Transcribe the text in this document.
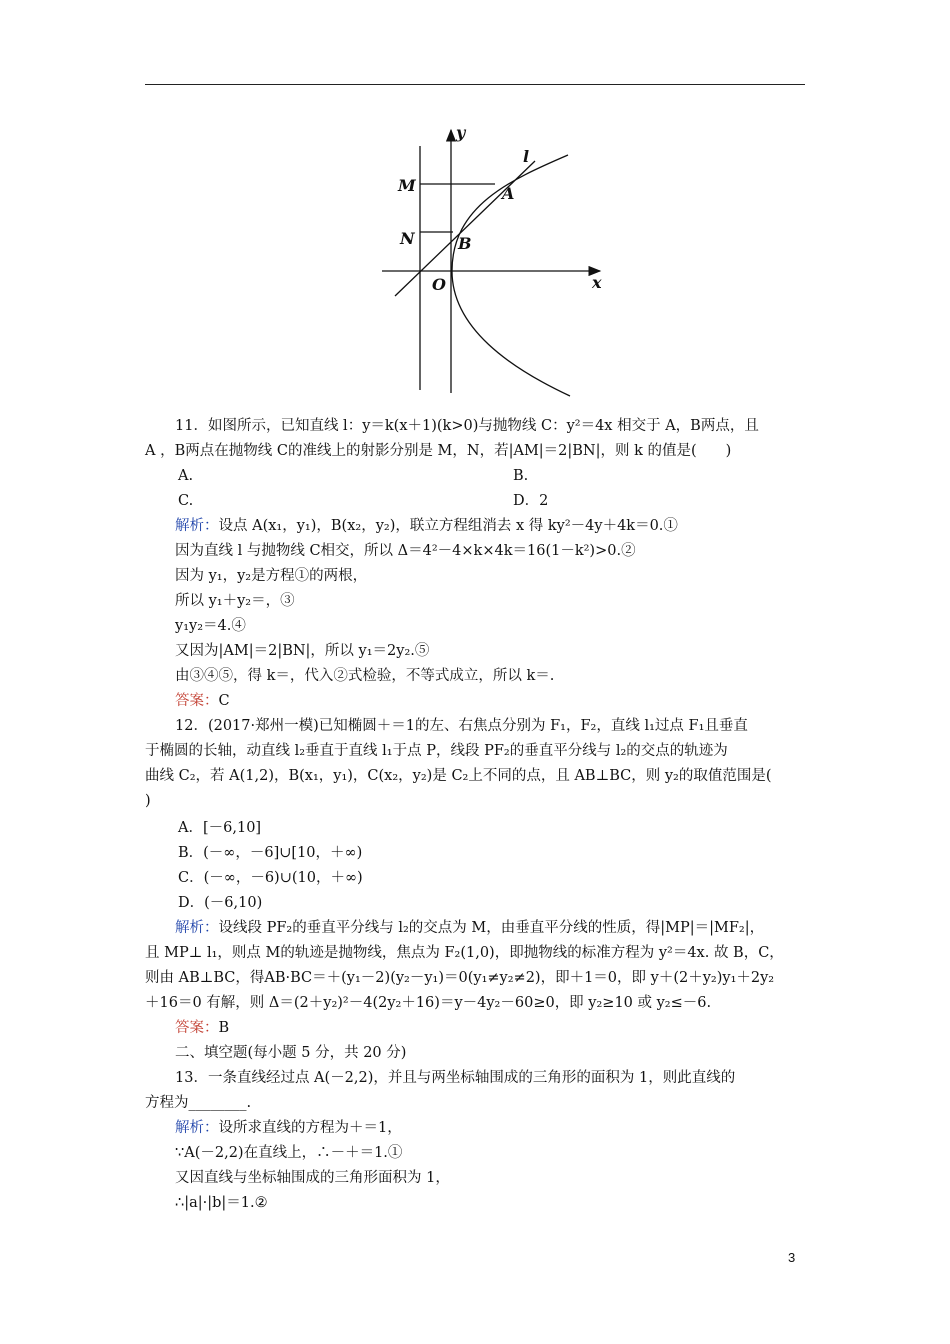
y
x
O
l
M	A
N	B
11．如图所示，已知直线 l：y＝k(x＋1)(k>0)与抛物线 C：y²＝4x 相交于 A，B两点，且
A ，B两点在抛物线 C的准线上的射影分别是 M，N，若|AM|＝2|BN|，则 k 的值是(　　)
A.	B.
C.	D．2
解析：设点 A(x₁，y₁)，B(x₂，y₂)，联立方程组消去 x 得 ky²－4y＋4k＝0.①
因为直线 l 与抛物线 C相交，所以 Δ＝4²－4×k×4k＝16(1－k²)>0.②
因为 y₁，y₂是方程①的两根，
所以 y₁＋y₂＝，③
y₁y₂＝4.④
又因为|AM|＝2|BN|，所以 y₁＝2y₂.⑤
由③④⑤，得 k＝，代入②式检验，不等式成立，所以 k＝.
答案：C
12．(2017·郑州一模)已知椭圆＋＝1的左、右焦点分别为 F₁，F₂，直线 l₁过点 F₁且垂直
于椭圆的长轴，动直线 l₂垂直于直线 l₁于点 P，线段 PF₂的垂直平分线与 l₂的交点的轨迹为
曲线 C₂，若 A(1,2)，B(x₁，y₁)，C(x₂，y₂)是 C₂上不同的点，且 AB⊥BC，则 y₂的取值范围是(
)
A．[－6,10]
B．(－∞，－6]∪[10，＋∞)
C．(－∞，－6)∪(10，＋∞)
D．(－6,10)
解析：设线段 PF₂的垂直平分线与 l₂的交点为 M，由垂直平分线的性质，得|MP|＝|MF₂|，
且 MP⊥ l₁，则点 M的轨迹是抛物线，焦点为 F₂(1,0)，即抛物线的标准方程为 y²＝4x. 故 B，C，
则由 AB⊥BC，得AB·BC＝＋(y₁－2)(y₂－y₁)＝0(y₁≠y₂≠2)，即＋1＝0，即 y＋(2＋y₂)y₁＋2y₂
＋16＝0 有解，则 Δ＝(2＋y₂)²－4(2y₂＋16)＝y－4y₂－60≥0，即 y₂≥10 或 y₂≤－6.
答案：B
二、填空题(每小题 5 分，共 20 分)
13．一条直线经过点 A(－2,2)，并且与两坐标轴围成的三角形的面积为 1，则此直线的
方程为________.
解析：设所求直线的方程为＋＝1，
∵A(－2,2)在直线上，∴－＋＝1.①
又因直线与坐标轴围成的三角形面积为 1，
∴|a|·|b|＝1.②
3
